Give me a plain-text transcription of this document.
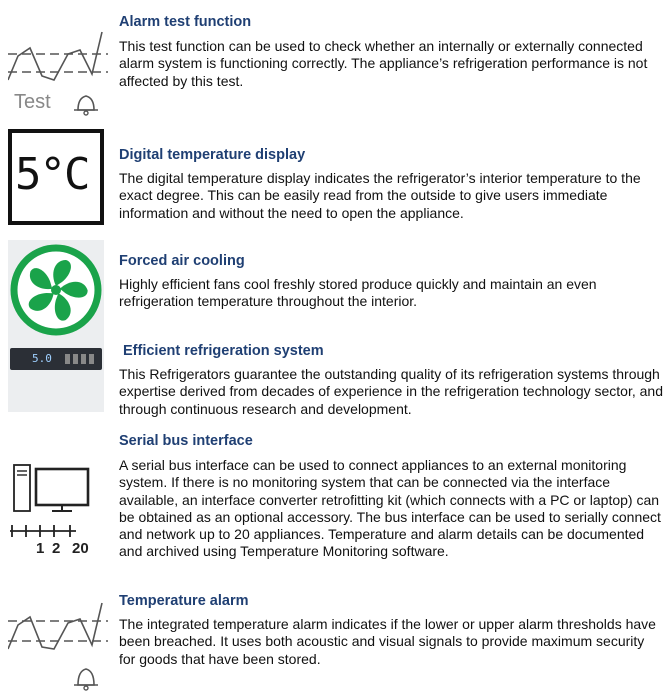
Test
Alarm test function

This test function can be used to check whether an internally or externally connected alarm system is functioning correctly. The appliance’s refrigeration performance is not affected by this test.

5°C Digital temperature display

The digital temperature display indicates the refrigerator’s interior temperature to the exact degree. This can be easily read from the outside to give users immediate information and without the need to open the appliance.

5.0
Forced air cooling

Highly efficient fans cool freshly stored produce quickly and maintain an even refrigeration temperature throughout the interior.

Efficient refrigeration system

This Refrigerators guarantee the outstanding quality of its refrigeration systems through expertise derived from decades of experience in the refrigeration technology sector, and through continuous research and development.

1 2 20
Serial bus interface

A serial bus interface can be used to connect appliances to an external monitoring system. If there is no monitoring system that can be connected via the interface available, an interface converter retrofitting kit (which connects with a PC or laptop) can be obtained as an optional accessory. The bus interface can be used to serially connect and network up to 20 appliances. Temperature and alarm details can be documented and archived using Temperature Monitoring software.

Temperature alarm

The integrated temperature alarm indicates if the lower or upper alarm thresholds have been breached. It uses both acoustic and visual signals to provide maximum security for goods that have been stored.
